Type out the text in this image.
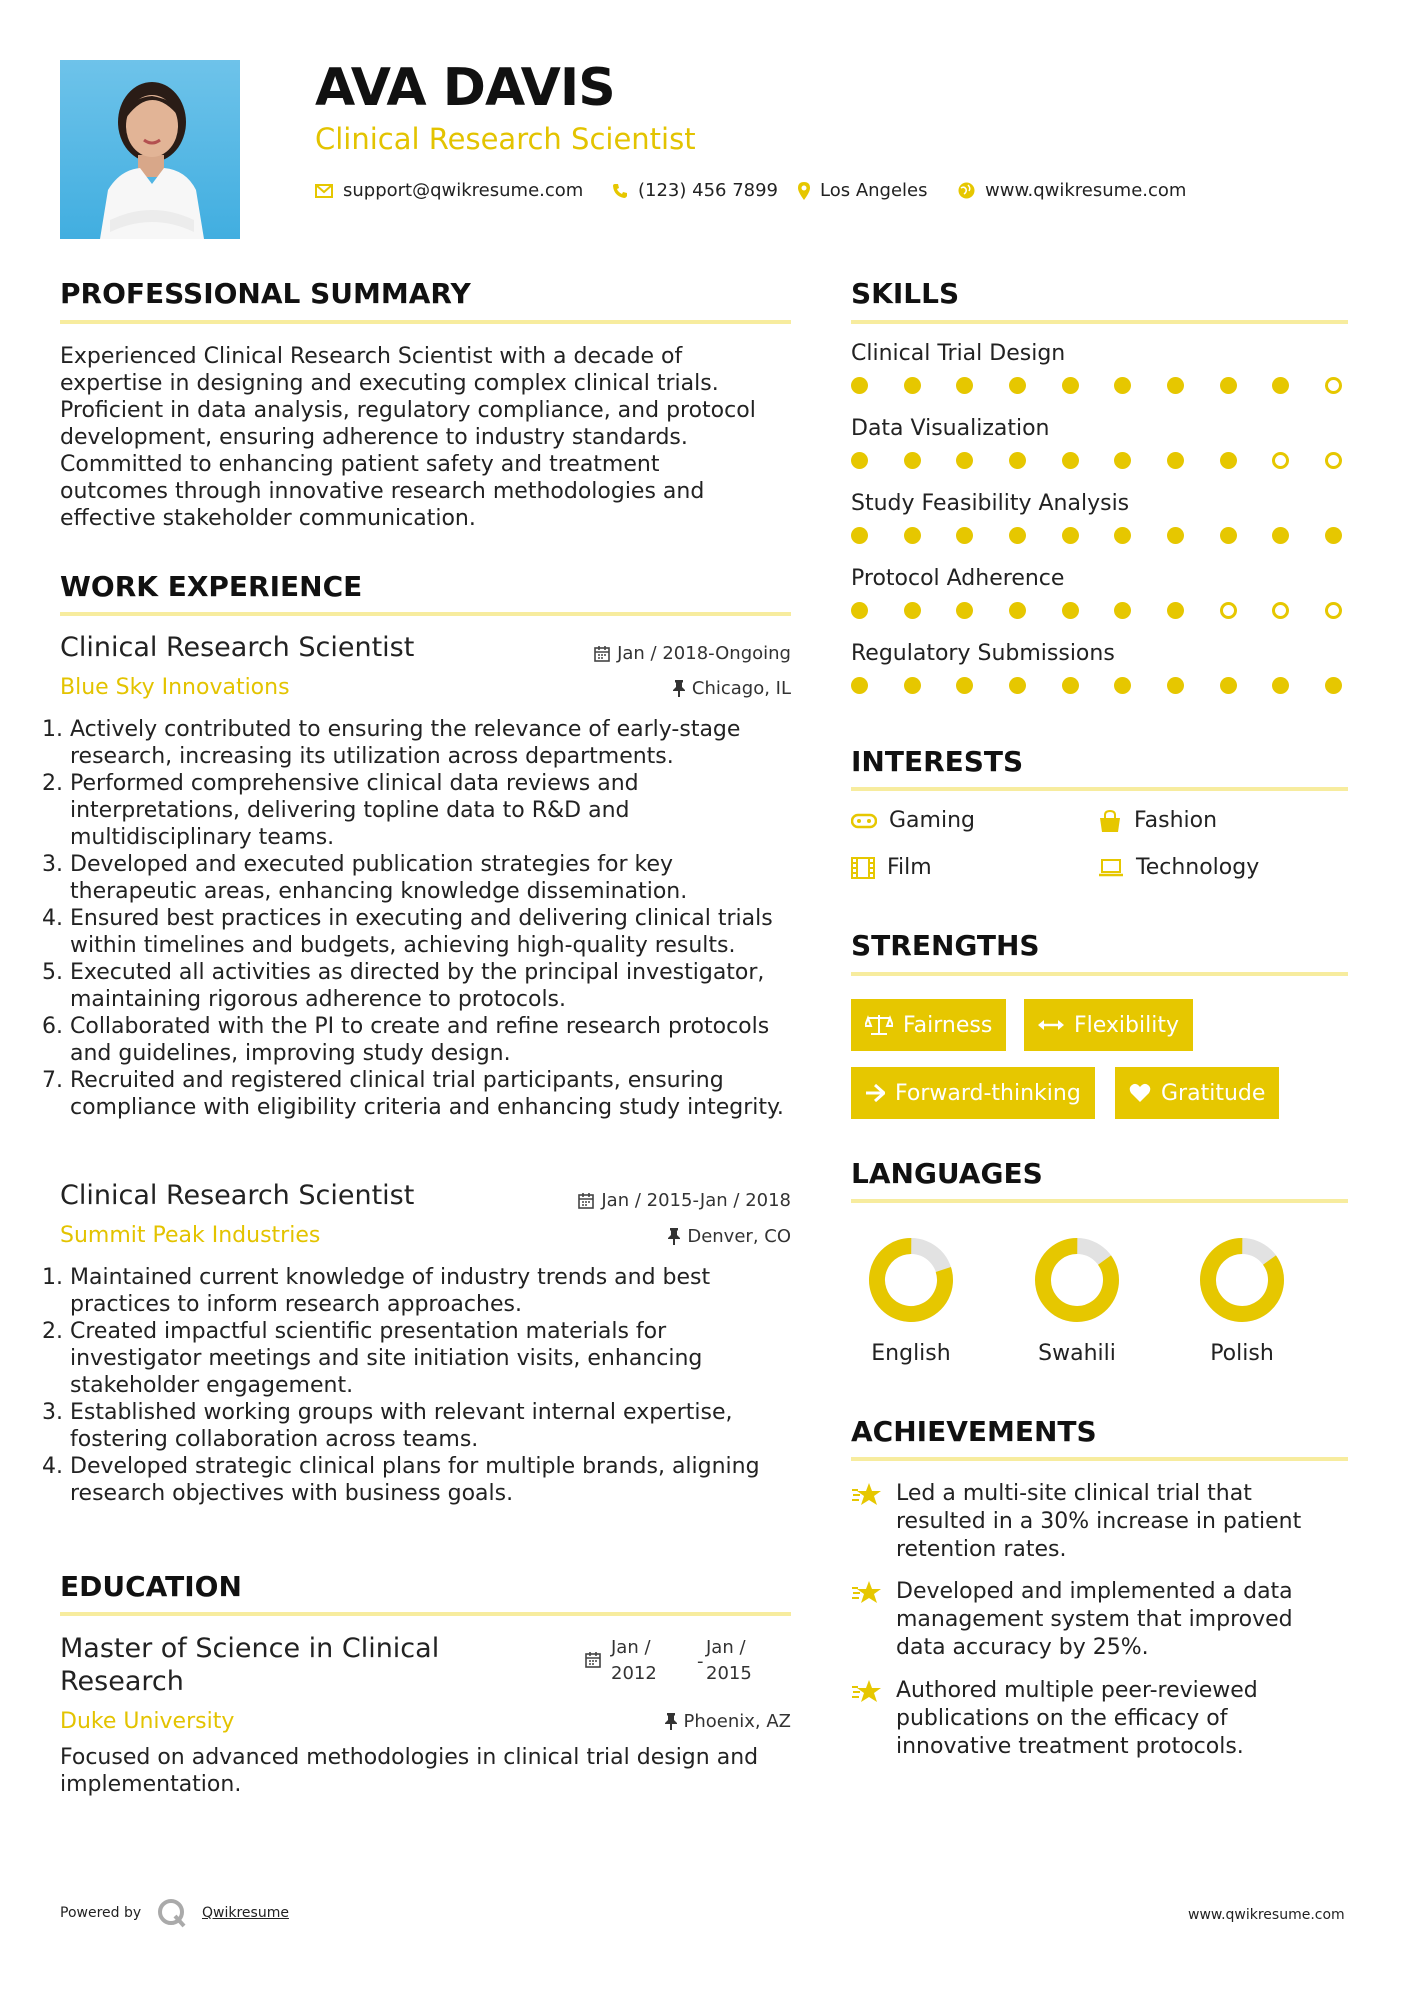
AVA DAVIS
Clinical Research Scientist
support@qwikresume.com	(123) 456 7899 Los Angeles	www.qwikresume.com
PROFESSIONAL SUMMARY
Experienced Clinical Research Scientist with a decade of
expertise in designing and executing complex clinical trials.
Proficient in data analysis, regulatory compliance, and protocol
development, ensuring adherence to industry standards.
Committed to enhancing patient safety and treatment
outcomes through innovative research methodologies and
effective stakeholder communication.
WORK EXPERIENCE
Clinical Research Scientist	Jan / 2018-Ongoing
Blue Sky Innovations	Chicago, IL
1. Actively contributed to ensuring the relevance of early-stage research, increasing its utilization across departments.
2. Performed comprehensive clinical data reviews and interpretations, delivering topline data to R&D and multidisciplinary teams.
3. Developed and executed publication strategies for key therapeutic areas, enhancing knowledge dissemination.
4. Ensured best practices in executing and delivering clinical trials within timelines and budgets, achieving high-quality results.
5. Executed all activities as directed by the principal investigator, maintaining rigorous adherence to protocols.
6. Collaborated with the PI to create and refine research protocols and guidelines, improving study design.
7. Recruited and registered clinical trial participants, ensuring compliance with eligibility criteria and enhancing study integrity.
Clinical Research Scientist	Jan / 2015-Jan / 2018
Summit Peak Industries	Denver, CO
1. Maintained current knowledge of industry trends and best practices to inform research approaches.
2. Created impactful scientific presentation materials for investigator meetings and site initiation visits, enhancing stakeholder engagement.
3. Established working groups with relevant internal expertise, fostering collaboration across teams.
4. Developed strategic clinical plans for multiple brands, aligning research objectives with business goals.
EDUCATION
Master of Science in Clinical
Research
Jan /
2012
-
Jan /
2015
Duke University	Phoenix, AZ
Focused on advanced methodologies in clinical trial design and
implementation.
SKILLS
Clinical Trial Design
Data Visualization
Study Feasibility Analysis
Protocol Adherence
Regulatory Submissions
INTERESTS
Gaming	Fashion
Film	Technology
STRENGTHS
Fairness	Flexibility
Forward-thinking	Gratitude
LANGUAGES
English	Swahili	Polish
ACHIEVEMENTS
Led a multi-site clinical trial that
resulted in a 30% increase in patient
retention rates.
Developed and implemented a data
management system that improved
data accuracy by 25%.
Authored multiple peer-reviewed
publications on the efficacy of
innovative treatment protocols.
Powered by	Qwikresume	www.qwikresume.com
